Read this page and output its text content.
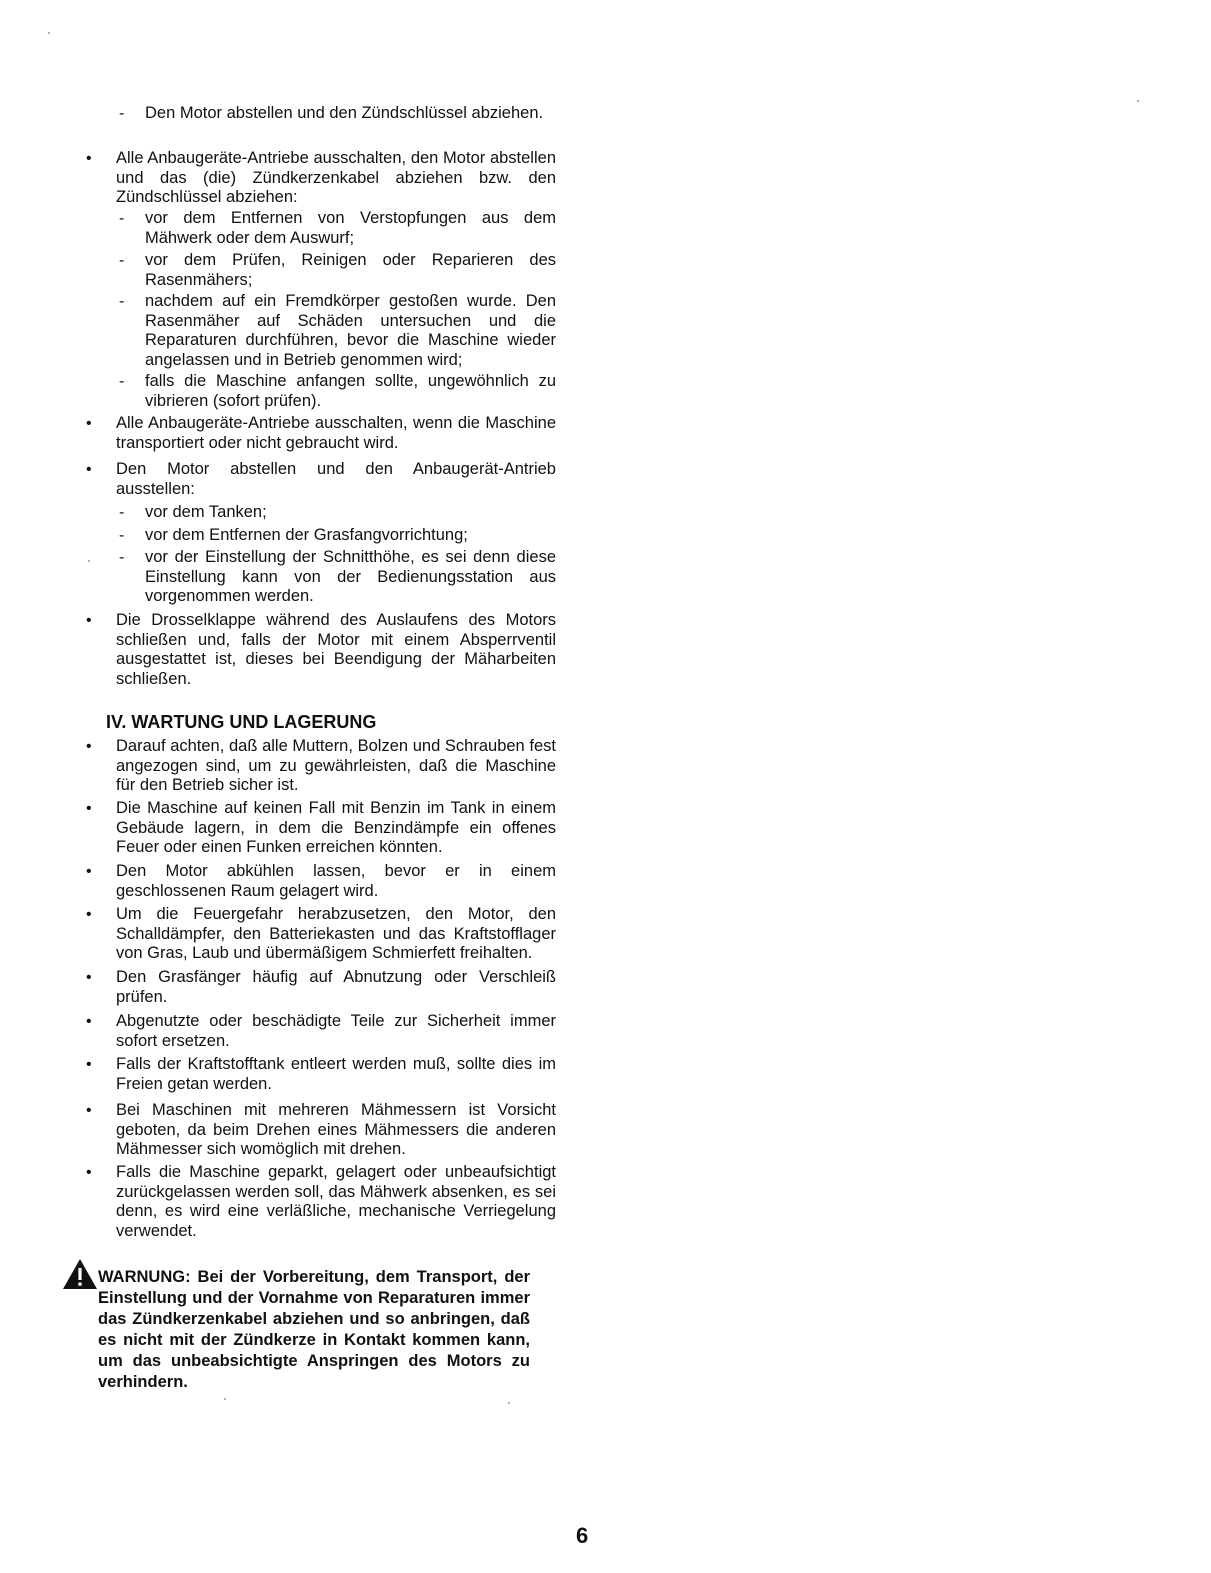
- Den Motor abstellen und den Zündschlüssel abziehen.
• Alle Anbaugeräte-Antriebe ausschalten, den Motor abstellen und das (die) Zündkerzenkabel abziehen bzw. den Zündschlüssel abziehen:
- vor dem Entfernen von Verstopfungen aus dem Mähwerk oder dem Auswurf;
- vor dem Prüfen, Reinigen oder Reparieren des Rasenmähers;
- nachdem auf ein Fremdkörper gestoßen wurde. Den Rasenmäher auf Schäden untersuchen und die Reparaturen durchführen, bevor die Maschine wieder angelassen und in Betrieb genommen wird;
- falls die Maschine anfangen sollte, ungewöhnlich zu vibrieren (sofort prüfen).
• Alle Anbaugeräte-Antriebe ausschalten, wenn die Maschine transportiert oder nicht gebraucht wird.
• Den Motor abstellen und den Anbaugerät-Antrieb ausstellen:
- vor dem Tanken;
- vor dem Entfernen der Grasfangvorrichtung;
- vor der Einstellung der Schnitthöhe, es sei denn diese Einstellung kann von der Bedienungsstation aus vorgenommen werden.
• Die Drosselklappe während des Auslaufens des Motors schließen und, falls der Motor mit einem Absperrventil ausgestattet ist, dieses bei Beendigung der Mäharbeiten schließen.
IV. WARTUNG UND LAGERUNG
• Darauf achten, daß alle Muttern, Bolzen und Schrauben fest angezogen sind, um zu gewährleisten, daß die Maschine für den Betrieb sicher ist.
• Die Maschine auf keinen Fall mit Benzin im Tank in einem Gebäude lagern, in dem die Benzindämpfe ein offenes Feuer oder einen Funken erreichen könnten.
• Den Motor abkühlen lassen, bevor er in einem geschlossenen Raum gelagert wird.
• Um die Feuergefahr herabzusetzen, den Motor, den Schalldämpfer, den Batteriekasten und das Kraftstofflager von Gras, Laub und übermäßigem Schmierfett freihalten.
• Den Grasfänger häufig auf Abnutzung oder Verschleiß prüfen.
• Abgenutzte oder beschädigte Teile zur Sicherheit immer sofort ersetzen.
• Falls der Kraftstofftank entleert werden muß, sollte dies im Freien getan werden.
• Bei Maschinen mit mehreren Mähmessern ist Vorsicht geboten, da beim Drehen eines Mähmessers die anderen Mähmesser sich womöglich mit drehen.
• Falls die Maschine geparkt, gelagert oder unbeaufsichtigt zurückgelassen werden soll, das Mähwerk absenken, es sei denn, es wird eine verläßliche, mechanische Verriegelung verwendet.
WARNUNG: Bei der Vorbereitung, dem Transport, der Einstellung und der Vornahme von Reparaturen immer das Zündkerzenkabel abziehen und so anbringen, daß es nicht mit der Zündkerze in Kontakt kommen kann, um das unbeabsichtigte Anspringen des Motors zu verhindern.
6
